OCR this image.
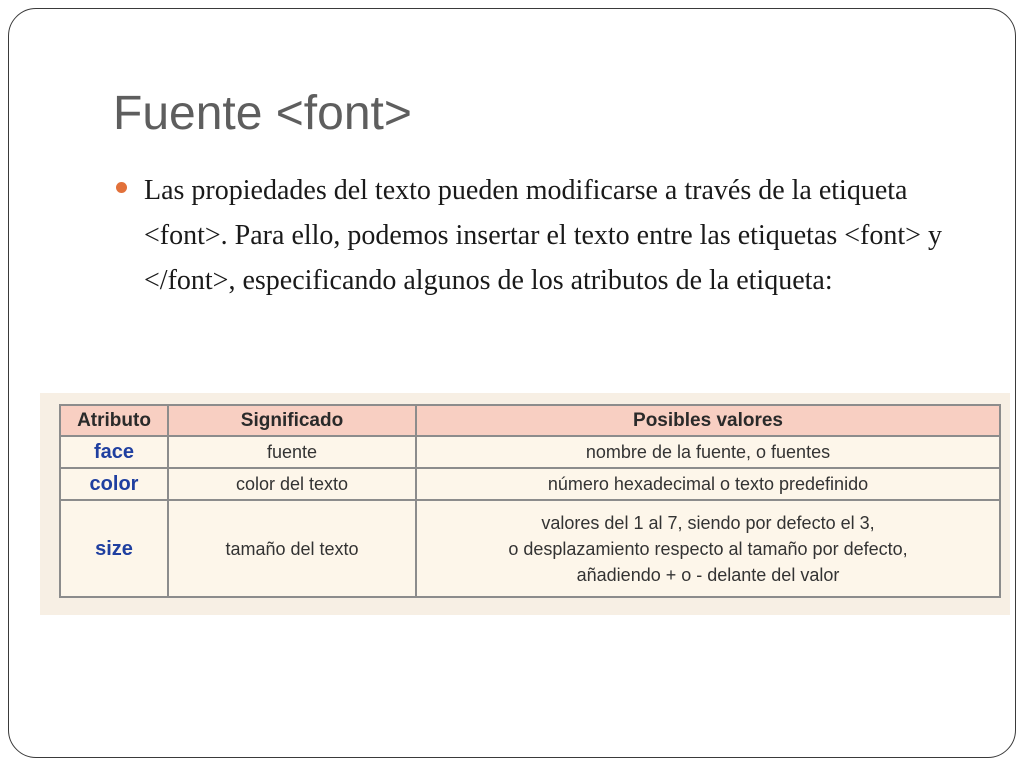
Fuente <font>

Las propiedades del texto pueden modificarse a través de la etiqueta <font>. Para ello, podemos insertar el texto entre las etiquetas <font> y </font>, especificando algunos de los atributos de la etiqueta:

Atributo	Significado	Posibles valores
face	fuente	nombre de la fuente, o fuentes
color	color del texto	número hexadecimal o texto predefinido
size	tamaño del texto	valores del 1 al 7, siendo por defecto el 3,
o desplazamiento respecto al tamaño por defecto,
añadiendo + o - delante del valor
